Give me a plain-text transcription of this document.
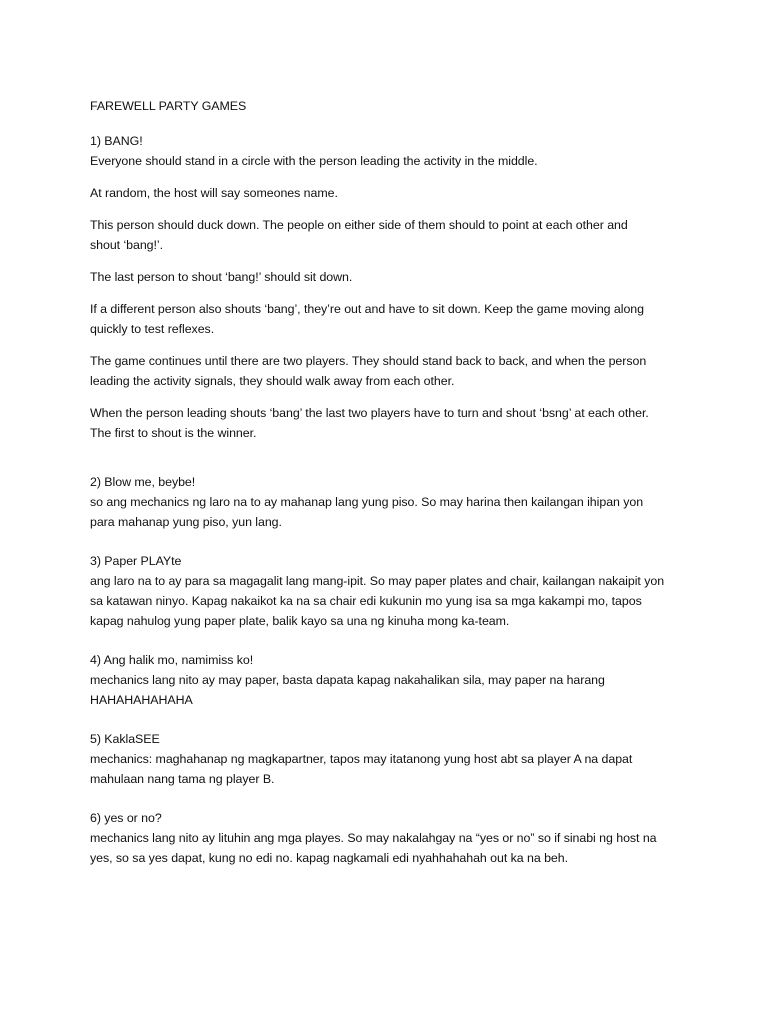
FAREWELL PARTY GAMES
1) BANG!
Everyone should stand in a circle with the person leading the activity in the middle.
At random, the host will say someones name.
This person should duck down. The people on either side of them should to point at each other and
shout ‘bang!’.
The last person to shout ‘bang!’ should sit down.
If a different person also shouts ‘bang’, they’re out and have to sit down. Keep the game moving along
quickly to test reflexes.
The game continues until there are two players. They should stand back to back, and when the person
leading the activity signals, they should walk away from each other.
When the person leading shouts ‘bang’ the last two players have to turn and shout ‘bsng’ at each other.
The first to shout is the winner.
2) Blow me, beybe!
so ang mechanics ng laro na to ay mahanap lang yung piso. So may harina then kailangan ihipan yon
para mahanap yung piso, yun lang.
3) Paper PLAYte
ang laro na to ay para sa magagalit lang mang-ipit. So may paper plates and chair, kailangan nakaipit yon
sa katawan ninyo. Kapag nakaikot ka na sa chair edi kukunin mo yung isa sa mga kakampi mo, tapos
kapag nahulog yung paper plate, balik kayo sa una ng kinuha mong ka-team.
4) Ang halik mo, namimiss ko!
mechanics lang nito ay may paper, basta dapata kapag nakahalikan sila, may paper na harang
HAHAHAHAHAHA
5) KaklaSEE
mechanics: maghahanap ng magkapartner, tapos may itatanong yung host abt sa player A na dapat
mahulaan nang tama ng player B.
6) yes or no?
mechanics lang nito ay lituhin ang mga playes. So may nakalahgay na “yes or no” so if sinabi ng host na
yes, so sa yes dapat, kung no edi no. kapag nagkamali edi nyahhahahah out ka na beh.
